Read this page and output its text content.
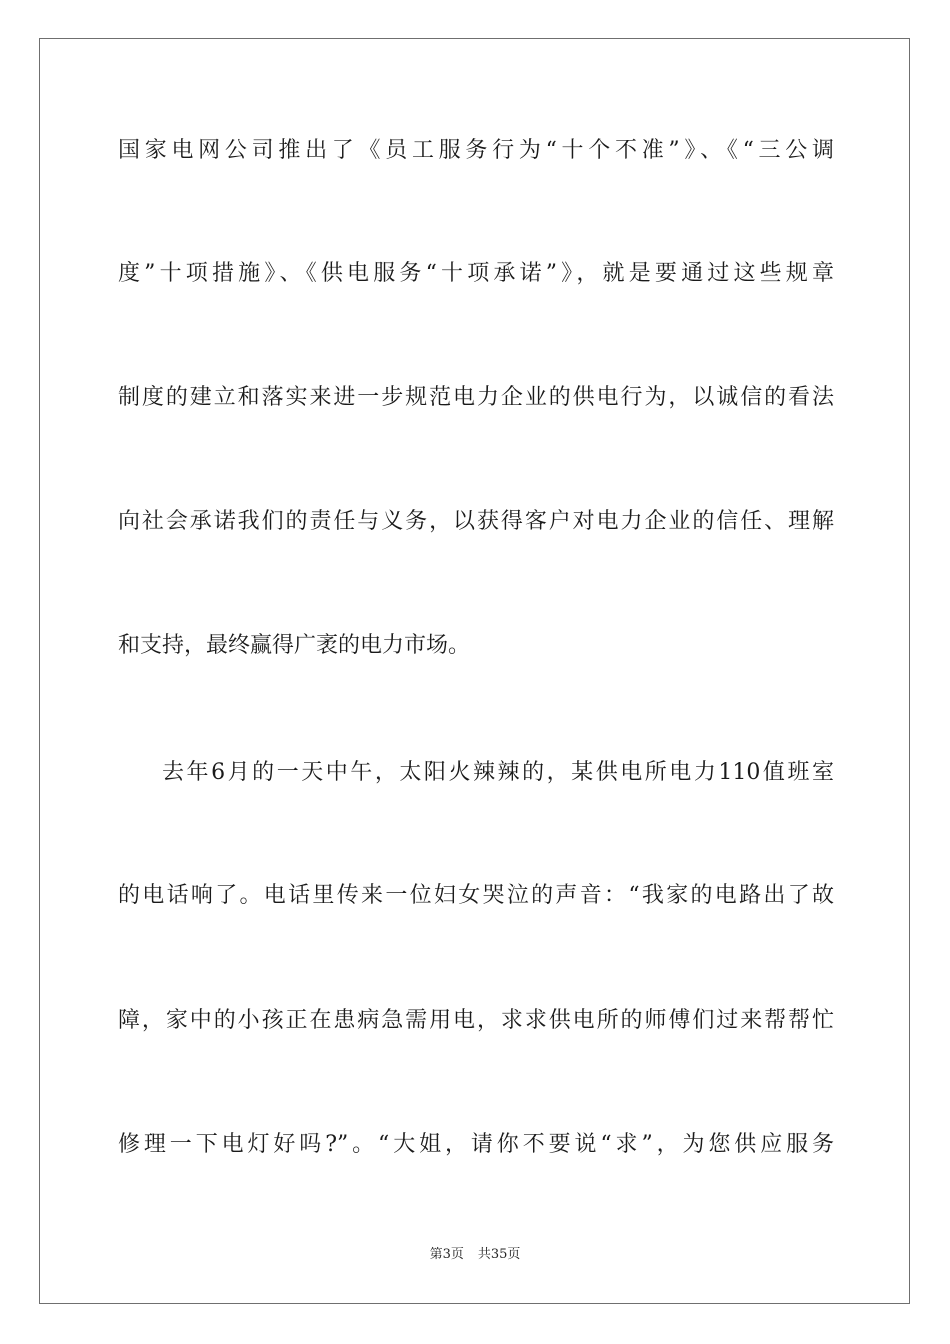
国家电网公司推出了《员工服务行为“十个不准”》、《“三公调
度”十项措施》、《供电服务“十项承诺”》，就是要通过这些规章
制度的建立和落实来进一步规范电力企业的供电行为，以诚信的看法
向社会承诺我们的责任与义务，以获得客户对电力企业的信任、理解
和支持，最终赢得广袤的电力市场。
去年6月的一天中午，太阳火辣辣的，某供电所电力110值班室
的电话响了。电话里传来一位妇女哭泣的声音：“我家的电路出了故
障，家中的小孩正在患病急需用电，求求供电所的师傅们过来帮帮忙
修理一下电灯好吗?”。“大姐，请你不要说“求”，为您供应服务
第3页 共35页
